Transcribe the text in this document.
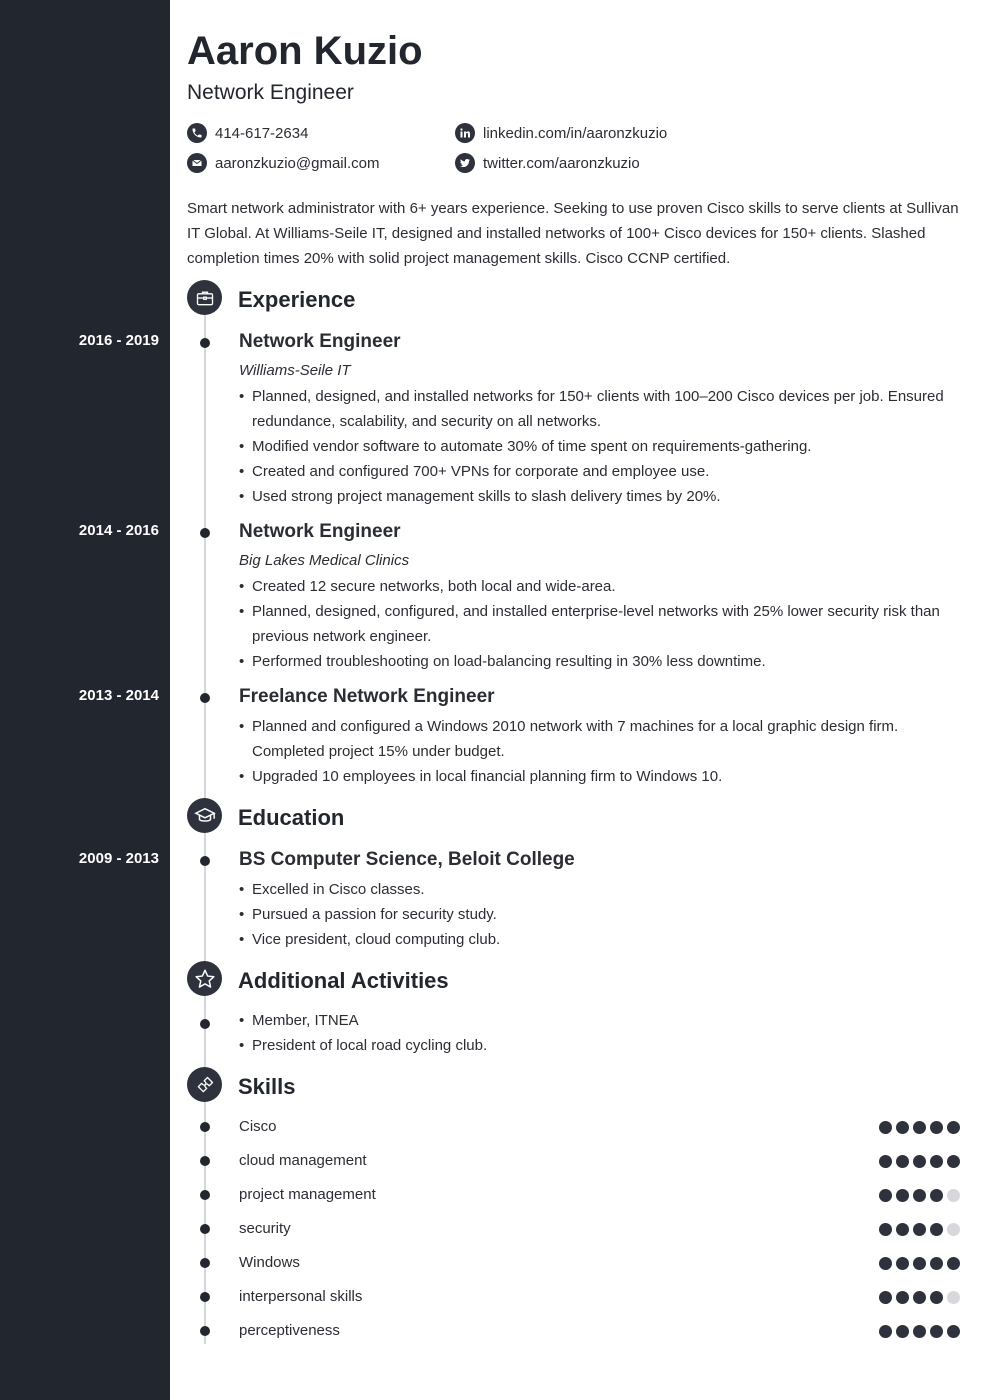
Aaron Kuzio
Network Engineer
414-617-2634
aaronzkuzio@gmail.com
linkedin.com/in/aaronzkuzio
twitter.com/aaronzkuzio

Smart network administrator with 6+ years experience. Seeking to use proven Cisco skills to serve clients at Sullivan IT Global. At Williams-Seile IT, designed and installed networks of 100+ Cisco devices for 150+ clients. Slashed completion times 20% with solid project management skills. Cisco CCNP certified.

Experience
2016 - 2019	Network Engineer
Williams-Seile IT
• Planned, designed, and installed networks for 150+ clients with 100–200 Cisco devices per job. Ensured redundance, scalability, and security on all networks.
• Modified vendor software to automate 30% of time spent on requirements-gathering.
• Created and configured 700+ VPNs for corporate and employee use.
• Used strong project management skills to slash delivery times by 20%.
2014 - 2016	Network Engineer
Big Lakes Medical Clinics
• Created 12 secure networks, both local and wide-area.
• Planned, designed, configured, and installed enterprise-level networks with 25% lower security risk than previous network engineer.
• Performed troubleshooting on load-balancing resulting in 30% less downtime.
2013 - 2014	Freelance Network Engineer
• Planned and configured a Windows 2010 network with 7 machines for a local graphic design firm. Completed project 15% under budget.
• Upgraded 10 employees in local financial planning firm to Windows 10.
Education
2009 - 2013	BS Computer Science, Beloit College
• Excelled in Cisco classes.
• Pursued a passion for security study.
• Vice president, cloud computing club.
Additional Activities
• Member, ITNEA
• President of local road cycling club.
Skills
Cisco
cloud management
project management
security
Windows
interpersonal skills
perceptiveness
